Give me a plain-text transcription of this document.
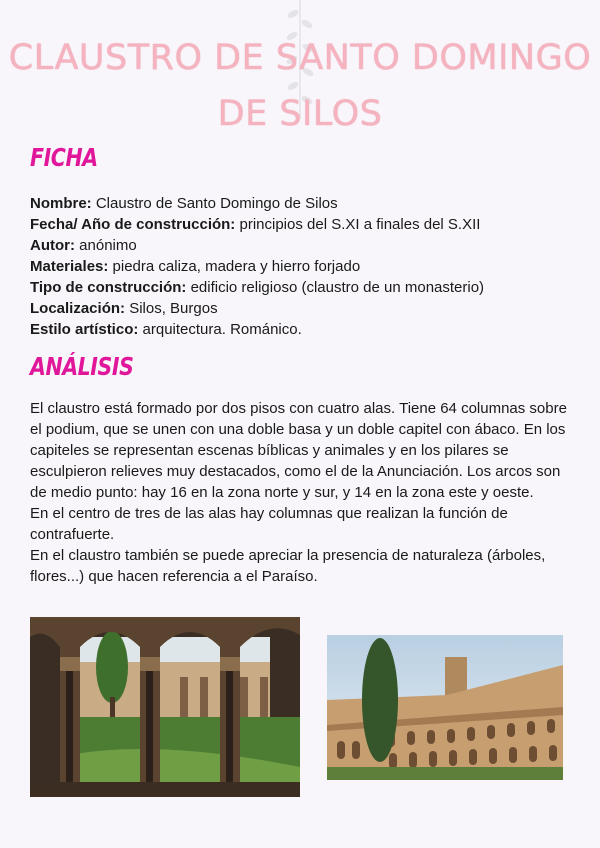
CLAUSTRO DE SANTO DOMINGO DE SILOS
FICHA
Nombre: Claustro de Santo Domingo de Silos
Fecha/ Año de construcción: principios del S.XI a finales del S.XII
Autor: anónimo
Materiales: piedra caliza, madera y hierro forjado
Tipo de construcción: edificio religioso (claustro de un monasterio)
Localización: Silos, Burgos
Estilo artístico: arquitectura. Románico.
ANÁLISIS

El claustro está formado por dos pisos con cuatro alas. Tiene 64 columnas sobre el podium, que se unen con una doble basa y un doble capitel con ábaco. En los capiteles se representan escenas bíblicas y animales y en los pilares se esculpieron relieves muy destacados, como el de la Anunciación. Los arcos son de medio punto: hay 16 en la zona norte y sur, y 14 en la zona este y oeste.

En el centro de tres de las alas hay columnas que realizan la función de contrafuerte.

En el claustro también se puede apreciar la presencia de naturaleza (árboles, flores...) que hacen referencia a el Paraíso.
